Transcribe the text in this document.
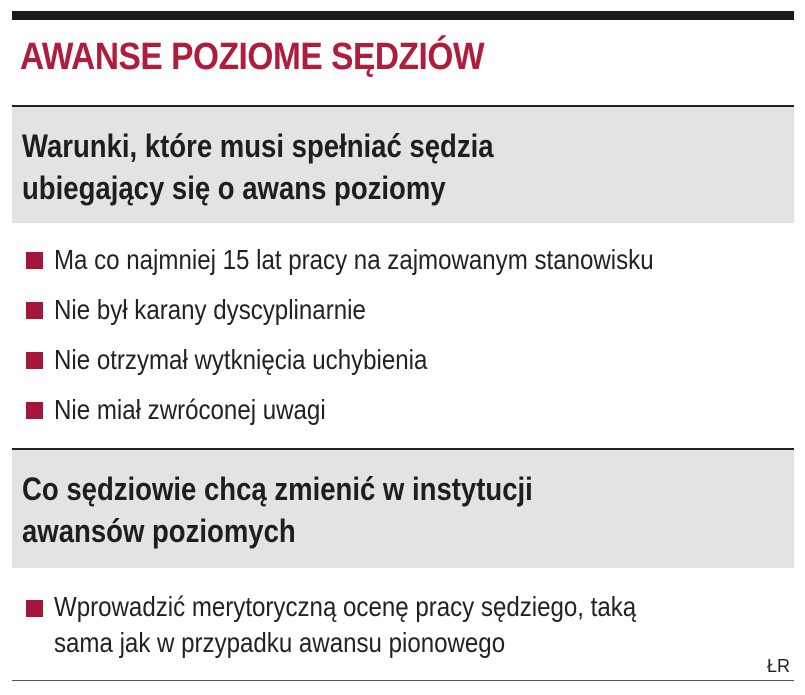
AWANSE POZIOME SĘDZIÓW
Warunki, które musi spełniać sędzia
ubiegający się o awans poziomy
Ma co najmniej 15 lat pracy na zajmowanym stanowisku
Nie był karany dyscyplinarnie
Nie otrzymał wytknięcia uchybienia
Nie miał zwróconej uwagi
Co sędziowie chcą zmienić w instytucji
awansów poziomych
Wprowadzić merytoryczną ocenę pracy sędziego, taką
sama jak w przypadku awansu pionowego
ŁR
